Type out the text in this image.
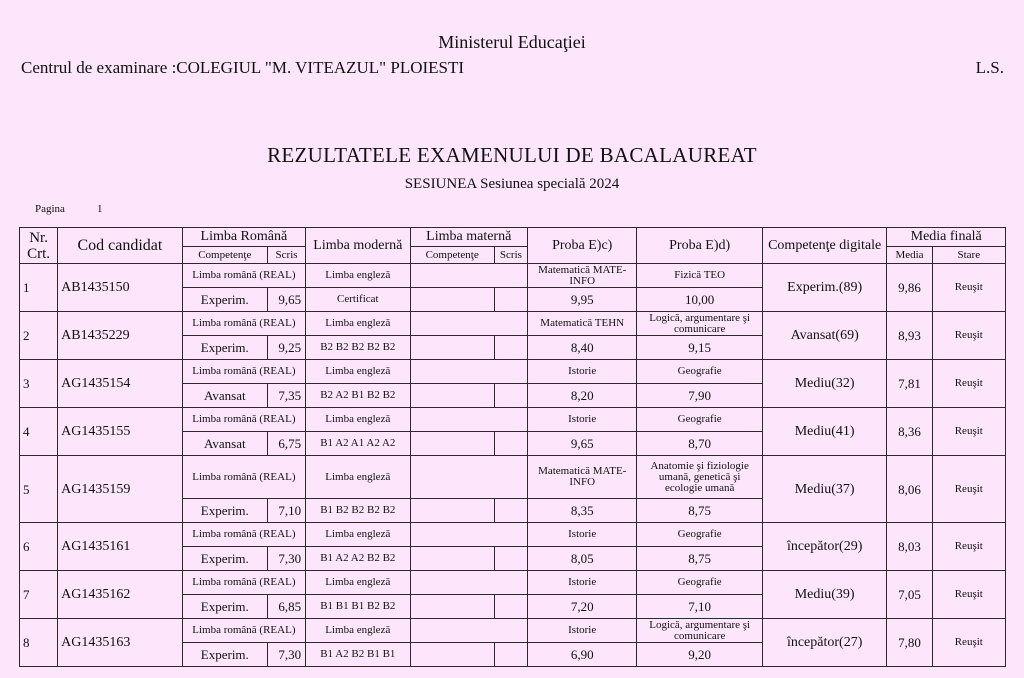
Ministerul Educaţiei
Centrul de examinare :COLEGIUL "M. VITEAZUL" PLOIESTI	L.S.
REZULTATELE EXAMENULUI DE BACALAUREAT
SESIUNEA Sesiunea specială 2024
Pagina	1
Nr. Crt.	Cod candidat	Limba Română		Limba modernă	Limba maternă		Proba E)c)	Proba E)d)	Competenţe digitale	Media finală	
		Competenţe	Scris		Competenţe	Scris				Media	Stare
1	AB1435150	Limba română (REAL)		Limba engleză			Matematică MATE-INFO	Fizică TEO	Experim.(89)	9,86	Reuşit
		Experim.	9,65	Certificat			9,95	10,00			
2	AB1435229	Limba română (REAL)		Limba engleză			Matematică TEHN	Logică, argumentare şi comunicare	Avansat(69)	8,93	Reuşit
		Experim.	9,25	B2 B2 B2 B2 B2			8,40	9,15			
3	AG1435154	Limba română (REAL)		Limba engleză			Istorie	Geografie	Mediu(32)	7,81	Reuşit
		Avansat	7,35	B2 A2 B1 B2 B2			8,20	7,90			
4	AG1435155	Limba română (REAL)		Limba engleză			Istorie	Geografie	Mediu(41)	8,36	Reuşit
		Avansat	6,75	B1 A2 A1 A2 A2			9,65	8,70			
5	AG1435159	Limba română (REAL)		Limba engleză			Matematică MATE-INFO	Anatomie şi fiziologie umană, genetică şi ecologie umană	Mediu(37)	8,06	Reuşit
		Experim.	7,10	B1 B2 B2 B2 B2			8,35	8,75			
6	AG1435161	Limba română (REAL)		Limba engleză			Istorie	Geografie	începător(29)	8,03	Reuşit
		Experim.	7,30	B1 A2 A2 B2 B2			8,05	8,75			
7	AG1435162	Limba română (REAL)		Limba engleză			Istorie	Geografie	Mediu(39)	7,05	Reuşit
		Experim.	6,85	B1 B1 B1 B2 B2			7,20	7,10			
8	AG1435163	Limba română (REAL)		Limba engleză			Istorie	Logică, argumentare şi comunicare	începător(27)	7,80	Reuşit
		Experim.	7,30	B1 A2 B2 B1 B1			6,90	9,20			
